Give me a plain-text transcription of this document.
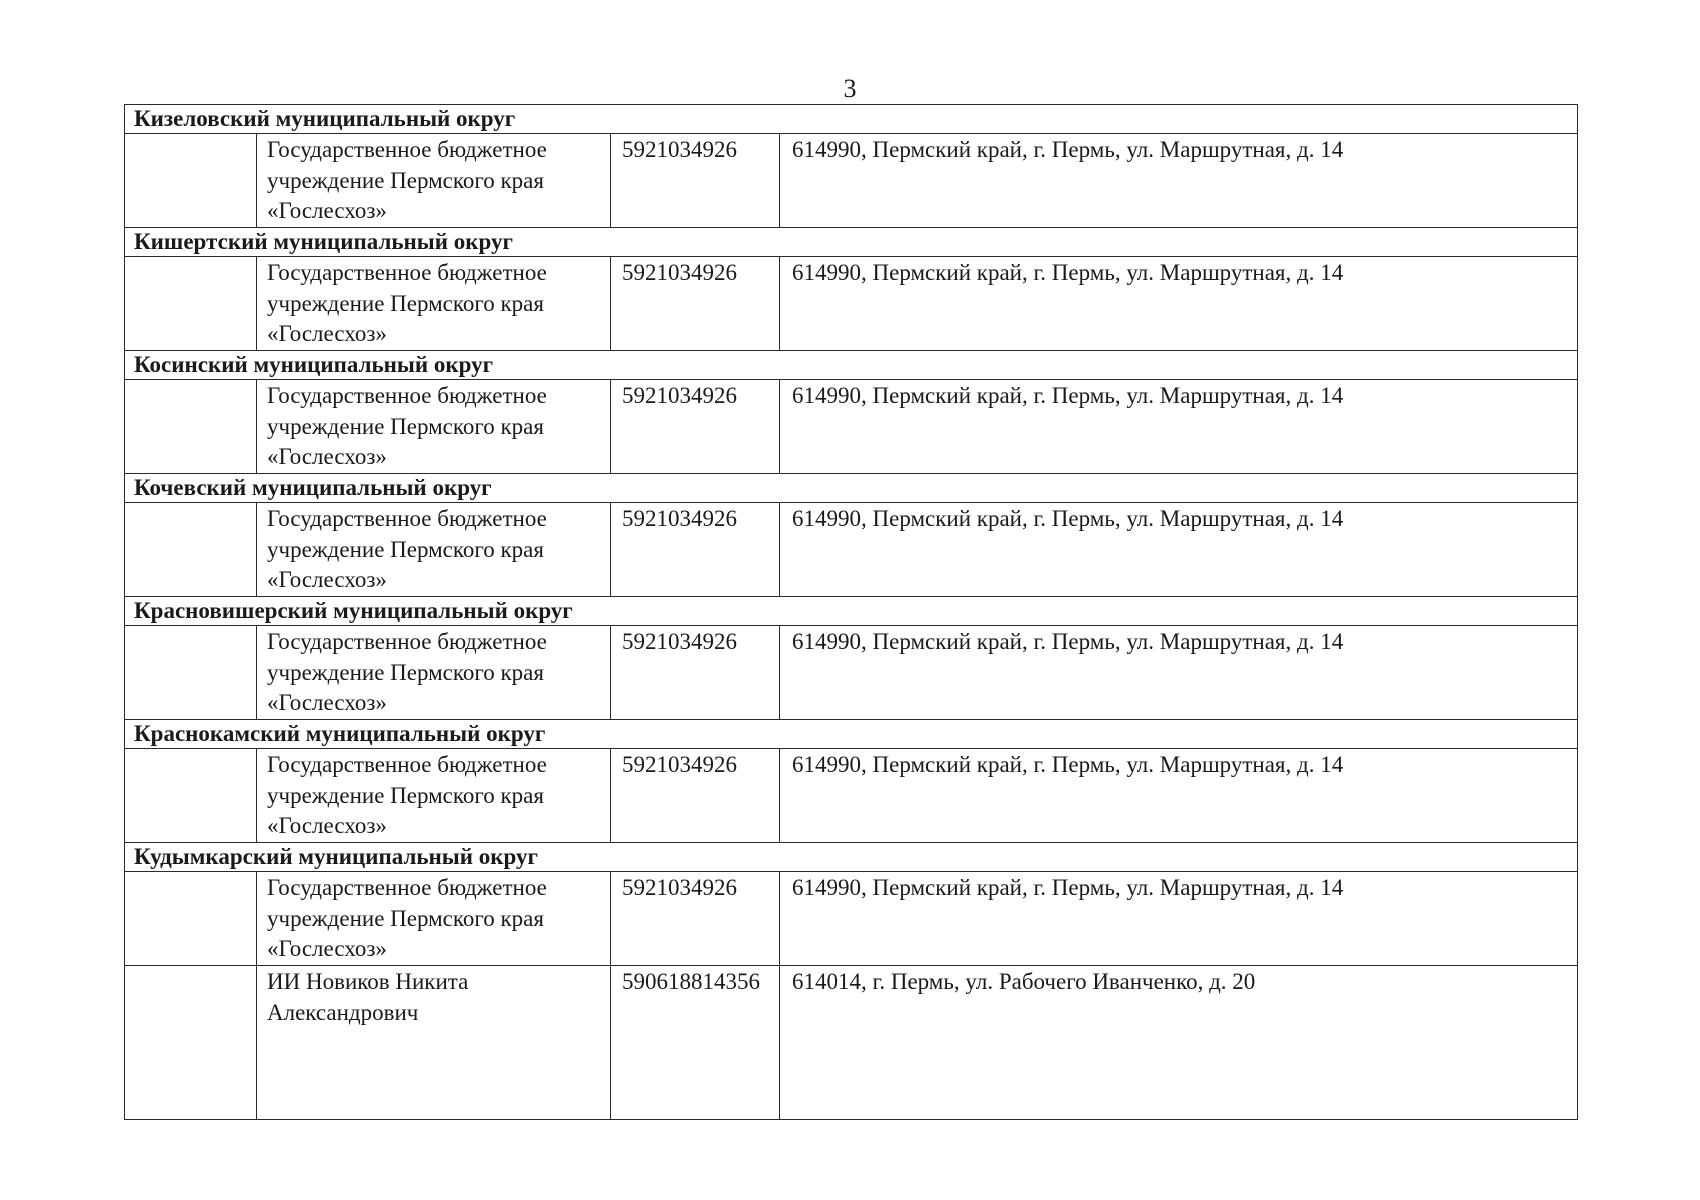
3
Кизеловский муниципальный округ			
	Государственное бюджетное учреждение Пермского края «Гослесхоз»	5921034926	614990, Пермский край, г. Пермь, ул. Маршрутная, д. 14
Кишертский муниципальный округ			
	Государственное бюджетное учреждение Пермского края «Гослесхоз»	5921034926	614990, Пермский край, г. Пермь, ул. Маршрутная, д. 14
Косинский муниципальный округ			
	Государственное бюджетное учреждение Пермского края «Гослесхоз»	5921034926	614990, Пермский край, г. Пермь, ул. Маршрутная, д. 14
Кочевский муниципальный округ			
	Государственное бюджетное учреждение Пермского края «Гослесхоз»	5921034926	614990, Пермский край, г. Пермь, ул. Маршрутная, д. 14
Красновишерский муниципальный округ			
	Государственное бюджетное учреждение Пермского края «Гослесхоз»	5921034926	614990, Пермский край, г. Пермь, ул. Маршрутная, д. 14
Краснокамский муниципальный округ			
	Государственное бюджетное учреждение Пермского края «Гослесхоз»	5921034926	614990, Пермский край, г. Пермь, ул. Маршрутная, д. 14
Кудымкарский муниципальный округ			
	Государственное бюджетное учреждение Пермского края «Гослесхоз»	5921034926	614990, Пермский край, г. Пермь, ул. Маршрутная, д. 14
	ИИ Новиков Никита Александрович	590618814356	614014, г. Пермь, ул. Рабочего Иванченко, д. 20
